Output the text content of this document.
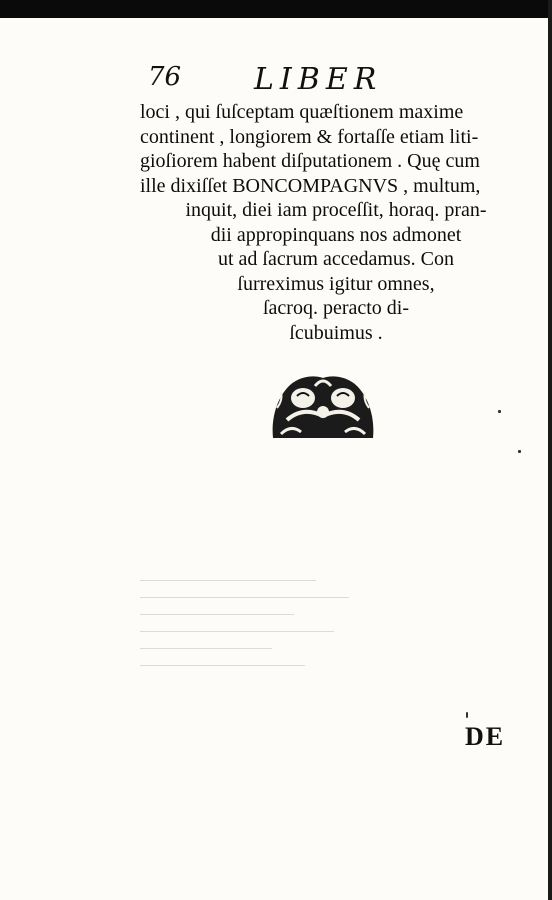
76 LIBER
loci , qui ſuſceptam quæſtionem maxime
continent , longiorem & fortaſſe etiam liti-
gioſiorem habent diſputationem . Quę cum
ille dixiſſet BONCOMPAGNVS , multum,
inquit, diei iam proceſſit, horaq. pran-
dii appropinquans nos admonet
ut ad ſacrum accedamus. Con
ſurreximus igitur omnes,
ſacroq. peracto di-
ſcubuimus .
DE
